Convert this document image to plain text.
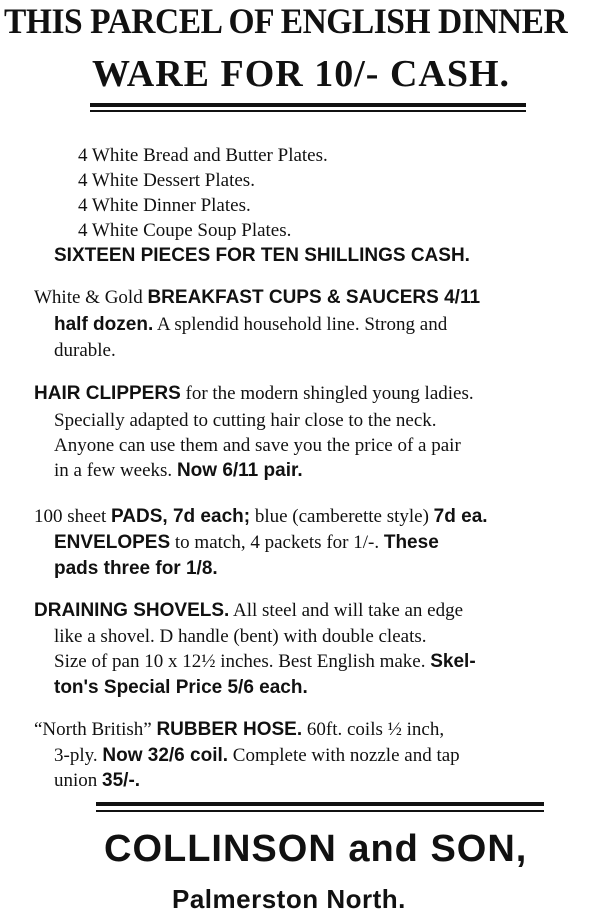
THIS PARCEL OF ENGLISH DINNER
WARE FOR 10/- CASH.
4 White Bread and Butter Plates.
4 White Dessert Plates.
4 White Dinner Plates.
4 White Coupe Soup Plates.
SIXTEEN PIECES FOR TEN SHILLINGS CASH.
White & Gold BREAKFAST CUPS & SAUCERS 4/11
half dozen. A splendid household line. Strong and
durable.
HAIR CLIPPERS for the modern shingled young ladies.
Specially adapted to cutting hair close to the neck.
Anyone can use them and save you the price of a pair
in a few weeks. Now 6/11 pair.
100 sheet PADS, 7d each; blue (camberette style) 7d ea.
ENVELOPES to match, 4 packets for 1/-. These
pads three for 1/8.
DRAINING SHOVELS. All steel and will take an edge
like a shovel. D handle (bent) with double cleats.
Size of pan 10 x 12½ inches. Best English make. Skel-
ton's Special Price 5/6 each.
“North British” RUBBER HOSE. 60ft. coils ½ inch,
3-ply. Now 32/6 coil. Complete with nozzle and tap
union 35/-.
COLLINSON and SON,
Palmerston North.
